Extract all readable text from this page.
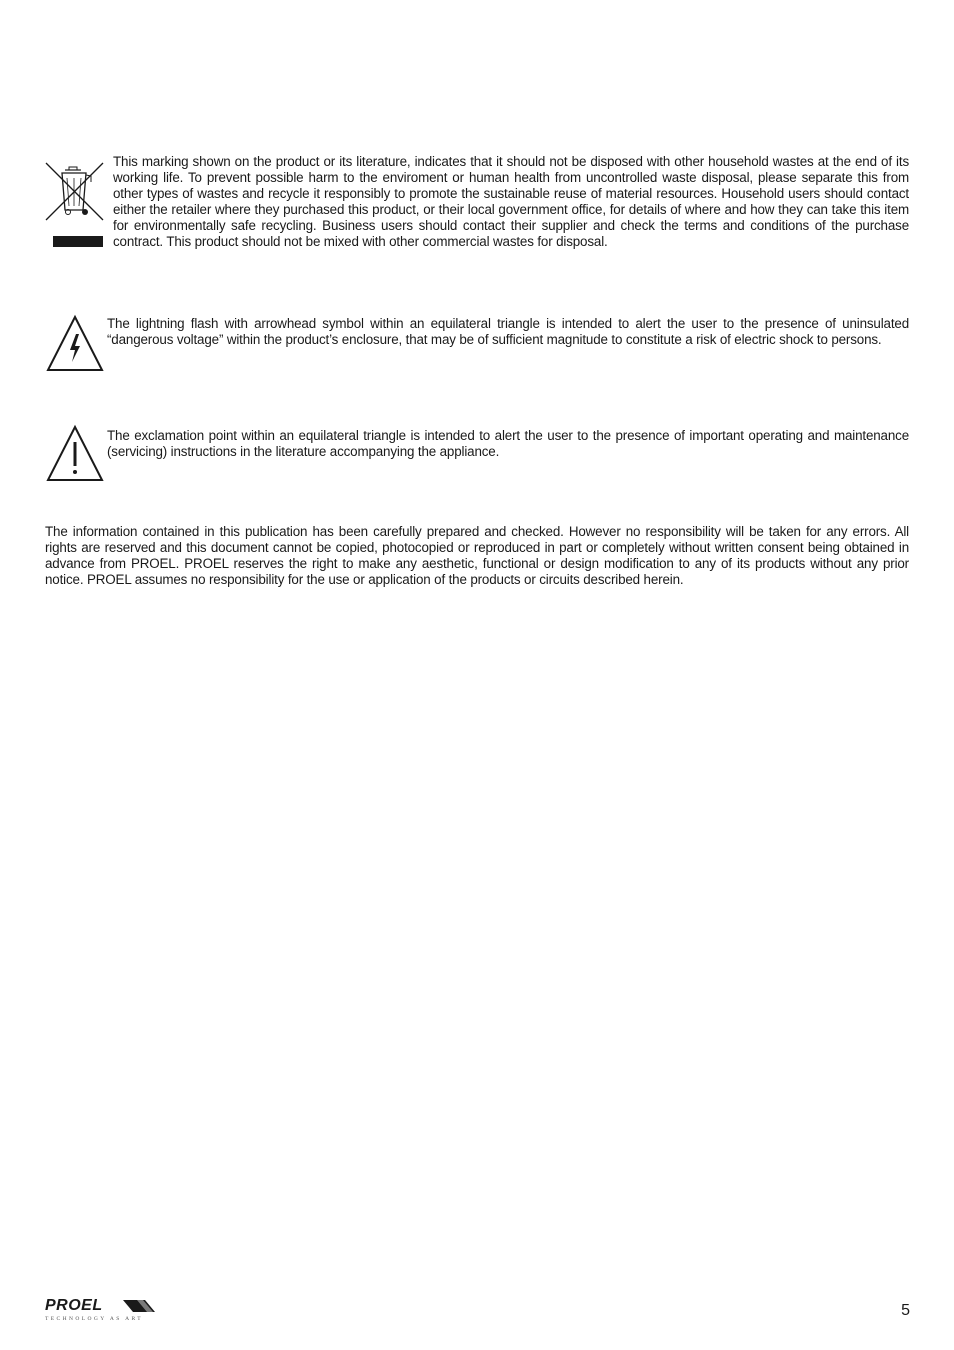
This marking shown on the product or its literature, indicates that it should not be disposed with other household wastes at the end of its working life. To prevent possible harm to the enviroment or human health from uncontrolled waste disposal, please separate this from other types of wastes and recycle it responsibly to promote the sustainable reuse of material resources. Household users should contact either the retailer where they purchased this product, or their local government office, for details of where and how they can take this item for environmentally safe recycling. Business users should contact their supplier and check the terms and conditions of the purchase contract. This product should not be mixed with other commercial wastes for disposal.
The lightning flash with arrowhead symbol within an equilateral triangle is intended to alert the user to the presence of uninsulated “dangerous voltage” within the product’s enclosure, that may be of sufficient magnitude to constitute a risk of electric shock to persons.
The exclamation point within an equilateral triangle is intended to alert the user to the presence of important operating and maintenance (servicing) instructions in the literature accompanying the appliance.
The information contained in this publication has been carefully prepared and checked. However no responsibility will be taken for any errors. All rights are reserved and this document cannot be copied, photocopied or reproduced in part or completely without written consent being obtained in advance from PROEL. PROEL reserves the right to make any aesthetic, functional or design modification to any of its products without any prior notice. PROEL assumes no responsibility for the use or application of the products or circuits described herein.
PROEL
TECHNOLOGY AS ART	5
